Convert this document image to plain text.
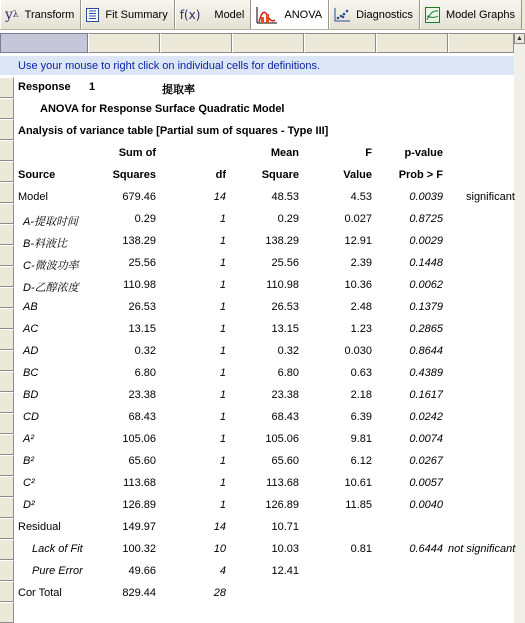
y λ Transform	Fit Summary f(x) Model	ANOVA	Diagnostics	Model Graphs
Use your mouse to right click on individual cells for definitions.
▲
Response 1	提取率
ANOVA for Response Surface Quadratic Model
Analysis of variance table [Partial sum of squares - Type III]
Sum of	Mean	F	p-value
Source	Squares	df	Square	Value	Prob > F
Model	679.46	14	48.53	4.53	0.0039 significant
A-提取时间	0.29	1	0.29	0.027	0.8725
B-料液比	138.29	1	138.29	12.91	0.0029
C-微波功率	25.56	1	25.56	2.39	0.1448
D-乙醇浓度	110.98	1	110.98	10.36	0.0062
AB	26.53	1	26.53	2.48	0.1379
AC	13.15	1	13.15	1.23	0.2865
AD	0.32	1	0.32	0.030	0.8644
BC	6.80	1	6.80	0.63	0.4389
BD	23.38	1	23.38	2.18	0.1617
CD	68.43	1	68.43	6.39	0.0242
A²	105.06	1	105.06	9.81	0.0074
B²	65.60	1	65.60	6.12	0.0267
C²	113.68	1	113.68	10.61	0.0057
D²	126.89	1	126.89	11.85	0.0040
Residual	149.97	14	10.71
Lack of Fit	100.32	10	10.03	0.81	0.6444 not significant
Pure Error	49.66	4	12.41
Cor Total	829.44	28
